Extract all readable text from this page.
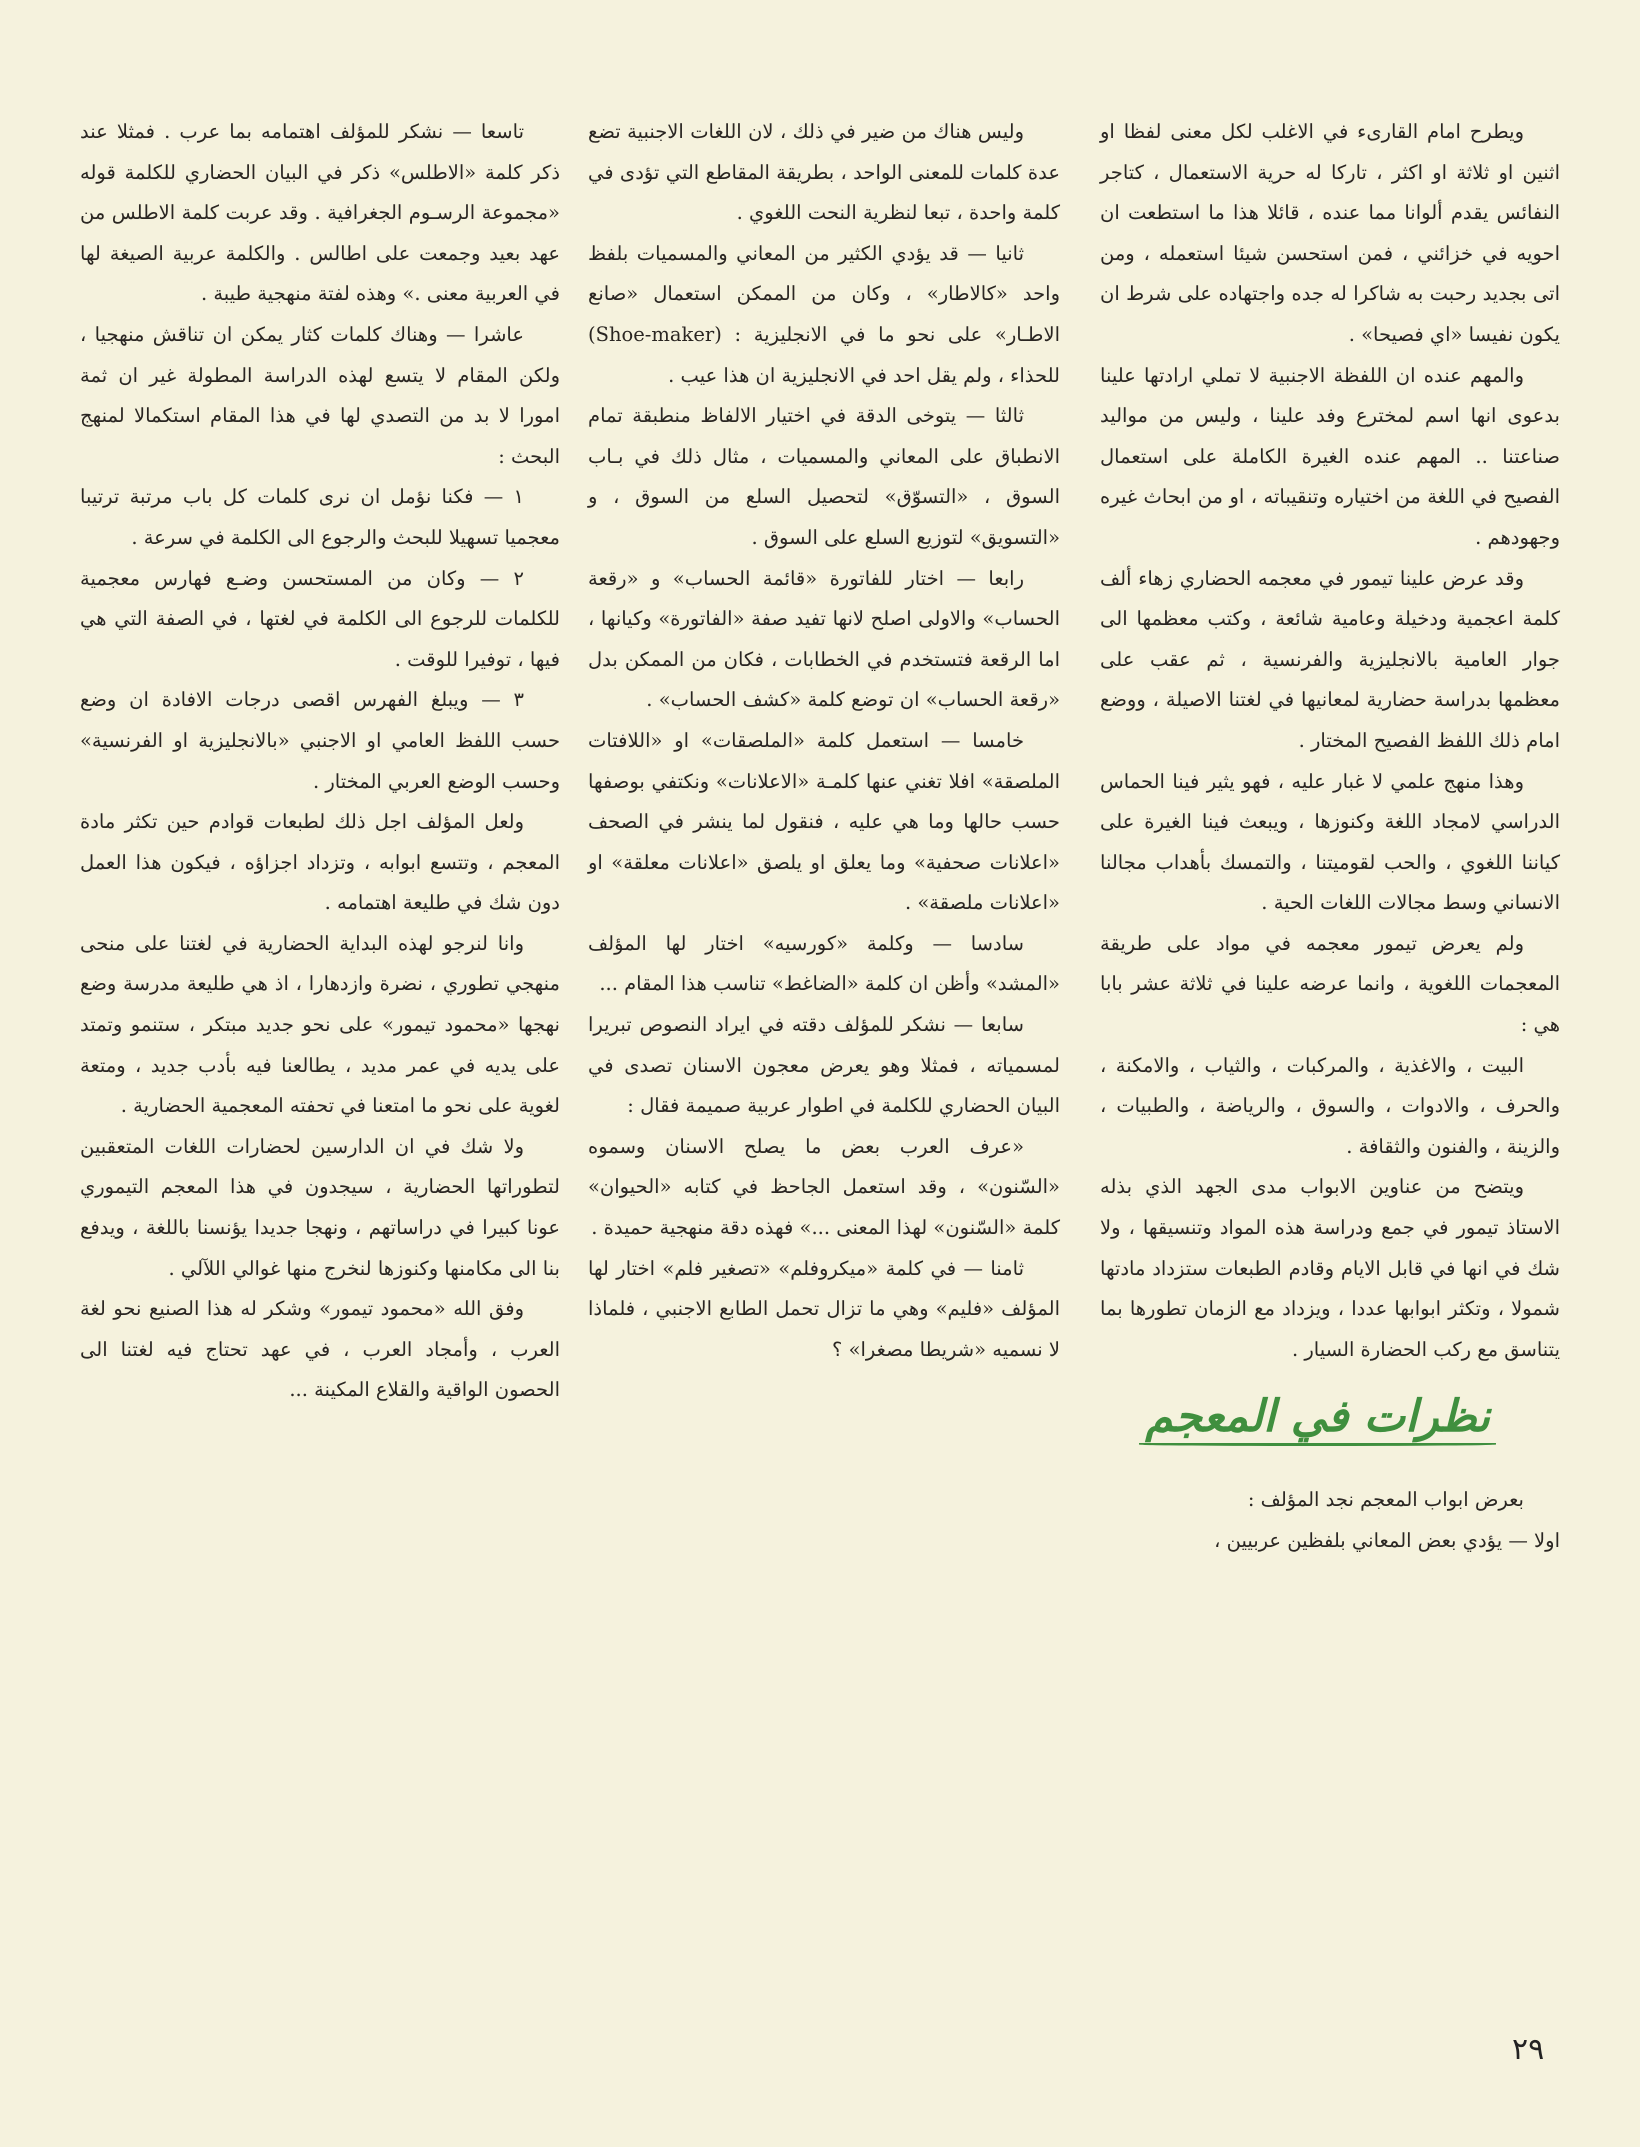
ويطرح امام القارىء في الاغلب لكل معنى لفظا او اثنين او ثلاثة او اكثر ، تاركا له حرية الاستعمال ، كتاجر النفائس يقدم ألوانا مما عنده ، قائلا هذا ما استطعت ان احويه في خزائني ، فمن استحسن شيئا استعمله ، ومن اتى بجديد رحبت به شاكرا له جده واجتهاده على شرط ان يكون نفيسا «اي فصيحا» .

والمهم عنده ان اللفظة الاجنبية لا تملي ارادتها علينا بدعوى انها اسم لمخترع وفد علينا ، وليس من مواليد صناعتنا .. المهم عنده الغيرة الكاملة على استعمال الفصيح في اللغة من اختياره وتنقيباته ، او من ابحاث غيره وجهودهم .

وقد عرض علينا تيمور في معجمه الحضاري زهاء ألف كلمة اعجمية ودخيلة وعامية شائعة ، وكتب معظمها الى جوار العامية بالانجليزية والفرنسية ، ثم عقب على معظمها بدراسة حضارية لمعانيها في لغتنا الاصيلة ، ووضع امام ذلك اللفظ الفصيح المختار .

وهذا منهج علمي لا غبار عليه ، فهو يثير فينا الحماس الدراسي لامجاد اللغة وكنوزها ، ويبعث فينا الغيرة على كياننا اللغوي ، والحب لقوميتنا ، والتمسك بأهداب مجالنا الانساني وسط مجالات اللغات الحية .

ولم يعرض تيمور معجمه في مواد على طريقة المعجمات اللغوية ، وانما عرضه علينا في ثلاثة عشر بابا هي :

البيت ، والاغذية ، والمركبات ، والثياب ، والامكنة ، والحرف ، والادوات ، والسوق ، والرياضة ، والطبيات ، والزينة ، والفنون والثقافة .

ويتضح من عناوين الابواب مدى الجهد الذي بذله الاستاذ تيمور في جمع ودراسة هذه المواد وتنسيقها ، ولا شك في انها في قابل الايام وقادم الطبعات ستزداد مادتها شمولا ، وتكثر ابوابها عددا ، ويزداد مع الزمان تطورها بما يتناسق مع ركب الحضارة السيار .

نظرات في المعجم

بعرض ابواب المعجم نجد المؤلف :

اولا — يؤدي بعض المعاني بلفظين عربيين ،

وليس هناك من ضير في ذلك ، لان اللغات الاجنبية تضع عدة كلمات للمعنى الواحد ، بطريقة المقاطع التي تؤدى في كلمة واحدة ، تبعا لنظرية النحت اللغوي .

ثانيا — قد يؤدي الكثير من المعاني والمسميات بلفظ واحد «كالاطار» ، وكان من الممكن استعمال «صانع الاطـار» على نحو ما في الانجليزية : (Shoe-maker) للحذاء ، ولم يقل احد في الانجليزية ان هذا عيب .

ثالثا — يتوخى الدقة في اختيار الالفاظ منطبقة تمام الانطباق على المعاني والمسميات ، مثال ذلك في بـاب السوق ، «التسوّق» لتحصيل السلع من السوق ، و «التسويق» لتوزيع السلع على السوق .

رابعا — اختار للفاتورة «قائمة الحساب» و «رقعة الحساب» والاولى اصلح لانها تفيد صفة «الفاتورة» وكيانها ، اما الرقعة فتستخدم في الخطابات ، فكان من الممكن بدل «رقعة الحساب» ان توضع كلمة «كشف الحساب» .

خامسا — استعمل كلمة «الملصقات» او «اللافتات الملصقة» افلا تغني عنها كلمـة «الاعلانات» ونكتفي بوصفها حسب حالها وما هي عليه ، فنقول لما ينشر في الصحف «اعلانات صحفية» وما يعلق او يلصق «اعلانات معلقة» او «اعلانات ملصقة» .

سادسا — وكلمة «كورسيه» اختار لها المؤلف «المشد» وأظن ان كلمة «الضاغط» تناسب هذا المقام ...

سابعا — نشكر للمؤلف دقته في ايراد النصوص تبريرا لمسمياته ، فمثلا وهو يعرض معجون الاسنان تصدى في البيان الحضاري للكلمة في اطوار عربية صميمة فقال :

«عرف العرب بعض ما يصلح الاسنان وسموه «السّنون» ، وقد استعمل الجاحظ في كتابه «الحيوان» كلمة «السّنون» لهذا المعنى ...» فهذه دقة منهجية حميدة .

ثامنا — في كلمة «ميكروفلم» «تصغير فلم» اختار لها المؤلف «فليم» وهي ما تزال تحمل الطابع الاجنبي ، فلماذا لا نسميه «شريطا مصغرا» ؟

تاسعا — نشكر للمؤلف اهتمامه بما عرب . فمثلا عند ذكر كلمة «الاطلس» ذكر في البيان الحضاري للكلمة قوله «مجموعة الرسـوم الجغرافية . وقد عربت كلمة الاطلس من عهد بعيد وجمعت على اطالس . والكلمة عربية الصيغة لها في العربية معنى .» وهذه لفتة منهجية طيبة .

عاشرا — وهناك كلمات كثار يمكن ان تناقش منهجيا ، ولكن المقام لا يتسع لهذه الدراسة المطولة غير ان ثمة امورا لا بد من التصدي لها في هذا المقام استكمالا لمنهج البحث :

١ — فكنا نؤمل ان نرى كلمات كل باب مرتبة ترتيبا معجميا تسهيلا للبحث والرجوع الى الكلمة في سرعة .

٢ — وكان من المستحسن وضـع فهارس معجمية للكلمات للرجوع الى الكلمة في لغتها ، في الصفة التي هي فيها ، توفيرا للوقت .

٣ — ويبلغ الفهرس اقصى درجات الافادة ان وضع حسب اللفظ العامي او الاجنبي «بالانجليزية او الفرنسية» وحسب الوضع العربي المختار .

ولعل المؤلف اجل ذلك لطبعات قوادم حين تكثر مادة المعجم ، وتتسع ابوابه ، وتزداد اجزاؤه ، فيكون هذا العمل دون شك في طليعة اهتمامه .

وانا لنرجو لهذه البداية الحضارية في لغتنا على منحى منهجي تطوري ، نضرة وازدهارا ، اذ هي طليعة مدرسة وضع نهجها «محمود تيمور» على نحو جديد مبتكر ، ستنمو وتمتد على يديه في عمر مديد ، يطالعنا فيه بأدب جديد ، ومتعة لغوية على نحو ما امتعنا في تحفته المعجمية الحضارية .

ولا شك في ان الدارسين لحضارات اللغات المتعقبين لتطوراتها الحضارية ، سيجدون في هذا المعجم التيموري عونا كبيرا في دراساتهم ، ونهجا جديدا يؤنسنا باللغة ، ويدفع بنا الى مكامنها وكنوزها لنخرج منها غوالي اللآلي .

وفق الله «محمود تيمور» وشكر له هذا الصنيع نحو لغة العرب ، وأمجاد العرب ، في عهد تحتاج فيه لغتنا الى الحصون الواقية والقلاع المكينة ...

٢٩
